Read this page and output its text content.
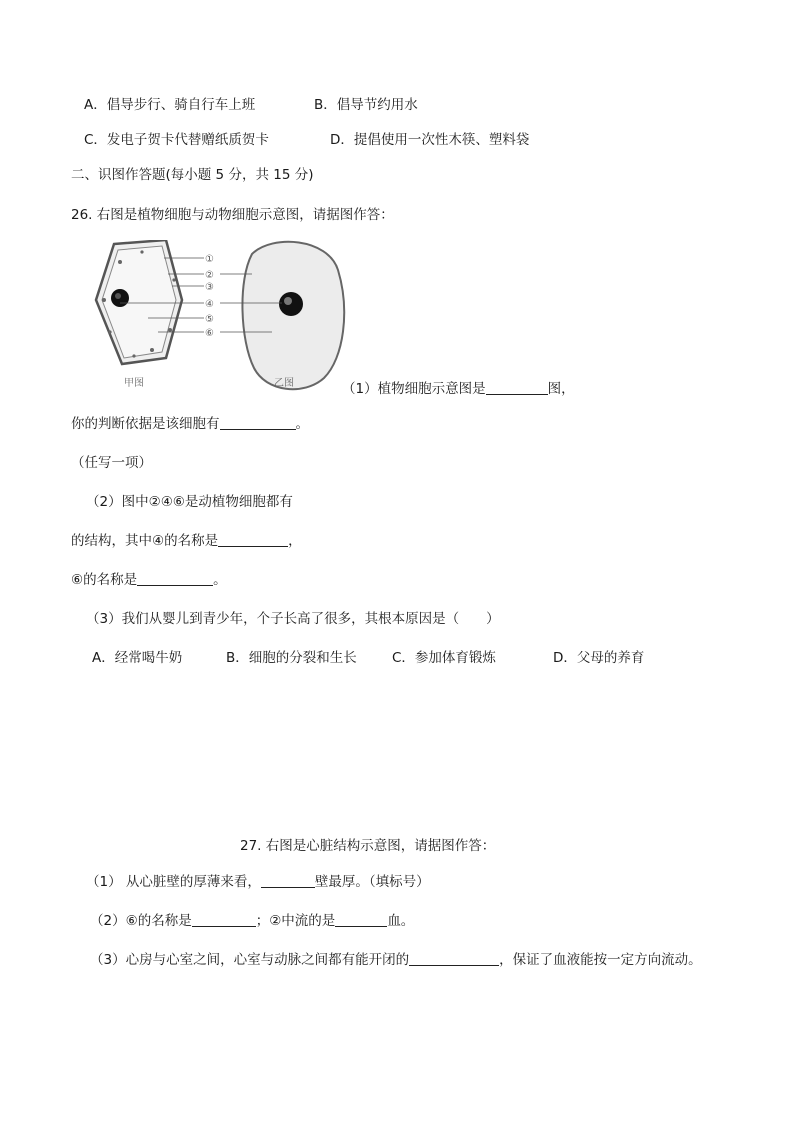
A．倡导步行、骑自行车上班	B．倡导节约用水
C．发电子贺卡代替赠纸质贺卡	D．提倡使用一次性木筷、塑料袋
二、识图作答题(每小题 5 分，共 15 分)
26. 右图是植物细胞与动物细胞示意图，请据图作答：
①
②
③
④
⑤
⑥
甲图	乙图	（1）植物细胞示意图是	图，
你的判断依据是该细胞有	。
（任写一项）
（2）图中②④⑥是动植物细胞都有
的结构，其中④的名称是	，
⑥的名称是	。
（3）我们从婴儿到青少年，个子长高了很多，其根本原因是（　　）
A．经常喝牛奶	B．细胞的分裂和生长	C．参加体育锻炼	D．父母的养育
27. 右图是心脏结构示意图，请据图作答：
（1） 从心脏壁的厚薄来看，	壁最厚。（填标号）
（2）⑥的名称是	；②中流的是	血。
（3）心房与心室之间，心室与动脉之间都有能开闭的	，保证了血液能按一定方向流动。
